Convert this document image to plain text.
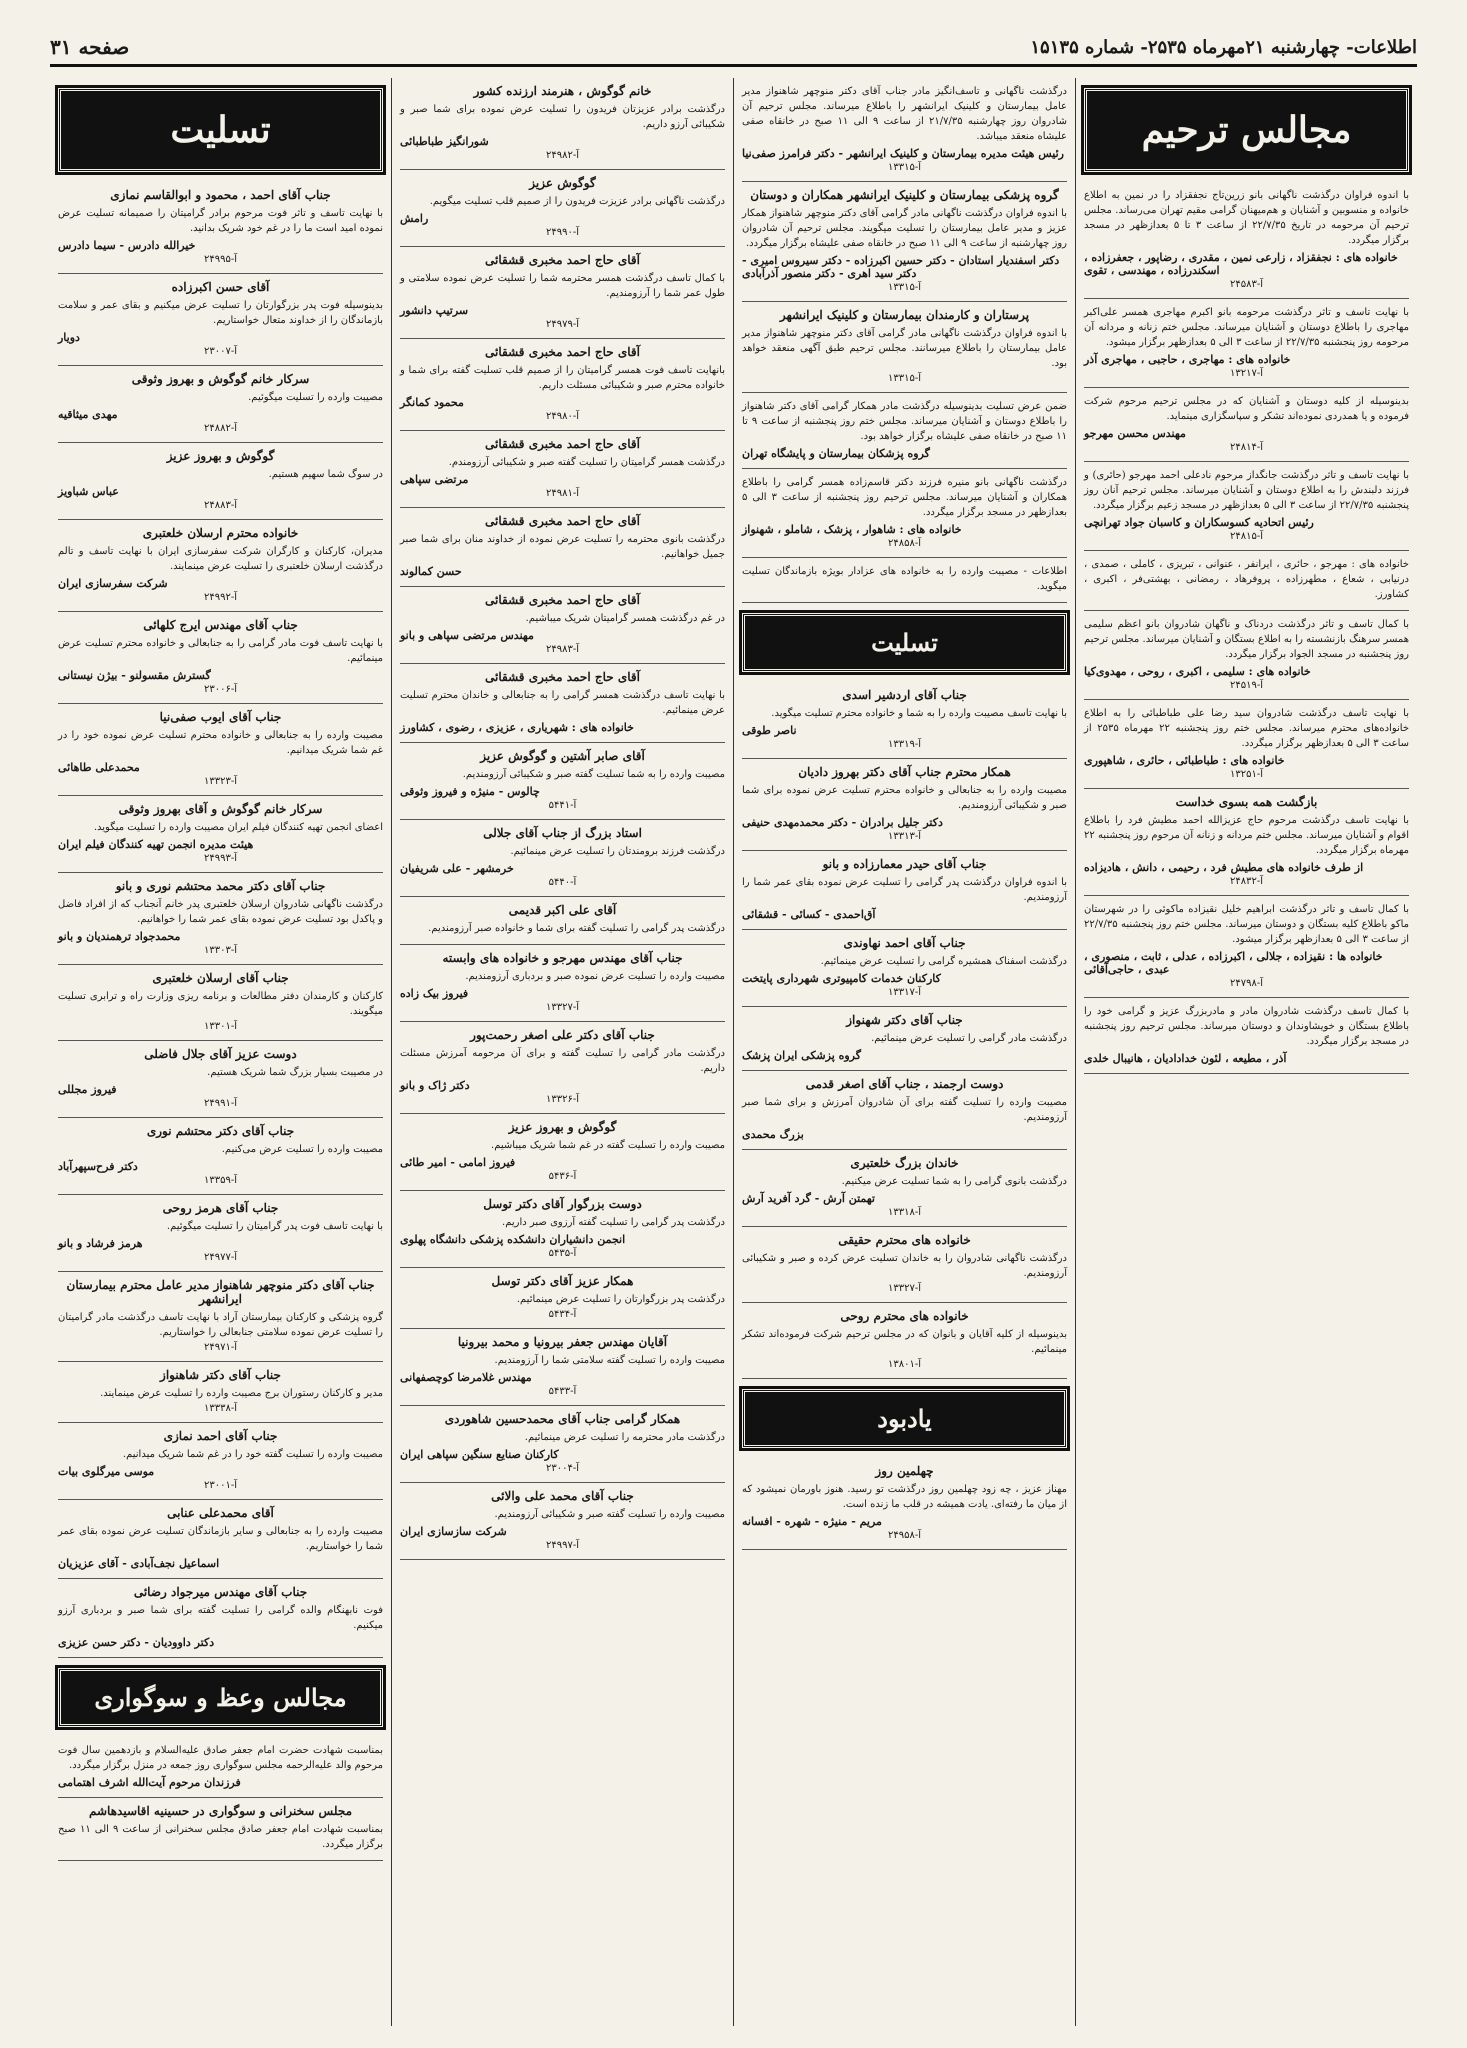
اطلاعات- چهارشنبه ۲۱مهرماه ۲۵۳۵- شماره ۱۵۱۳۵
صفحه ۳۱
مجالس ترحیم

با اندوه فراوان درگذشت ناگهانی بانو زرین‌تاج نجفقزاد را در نمین به اطلاع خانواده و منسوبین و آشنایان و هم‌میهنان گرامی مقیم تهران می‌رساند. مجلس ترحیم آن مرحومه در تاریخ ۲۲/۷/۳۵ از ساعت ۳ تا ۵ بعدازظهر در مسجد برگزار میگردد.

خانواده های : نجفقزاد ، زارعی نمین ، مقدری ، رضاپور ، جعفرزاده ، اسکندرزاده ، مهندسی ، تقوی
آ-۲۴۵۸۳

با نهایت تاسف و تاثر درگذشت مرحومه بانو اکبرم مهاجری همسر علی‌اکبر مهاجری را باطلاع دوستان و آشنایان میرساند. مجلس ختم زنانه و مردانه آن مرحومه روز پنجشنبه ۲۲/۷/۳۵ از ساعت ۳ الی ۵ بعدازظهر برگزار میشود.

خانواده های : مهاجری ، حاجبی ، مهاجری آذر
آ-۱۳۲۱۷

بدینوسیله از کلیه دوستان و آشنایان که در مجلس ترحیم مرحوم شرکت فرموده و یا همدردی نموده‌اند تشکر و سپاسگزاری مینماید.

مهندس محسن مهرجو
آ-۲۴۸۱۴

با نهایت تاسف و تاثر درگذشت جانگداز مرحوم نادعلی احمد مهرجو (حائری) و فرزند دلبندش را به اطلاع دوستان و آشنایان میرساند. مجلس ترحیم آنان روز پنجشنبه ۲۲/۷/۳۵ از ساعت ۳ الی ۵ بعدازظهر در مسجد زعیم برگزار میگردد.

رئیس اتحادیه کسوسکاران و کاسبان جواد تهرانچی
آ-۲۴۸۱۵

خانواده های : مهرجو ، حائری ، ایرانفر ، عنوانی ، تبریزی ، کاملی ، صمدی ، درنیابی ، شعاع ، مطهرزاده ، پروفرهاد ، رمضانی ، بهشتی‌فر ، اکبری ، کشاورز.

با کمال تاسف و تاثر درگذشت دردناک و ناگهان شادروان بانو اعظم سلیمی همسر سرهنگ بازنشسته را به اطلاع بستگان و آشنایان میرساند. مجلس ترحیم روز پنجشنبه در مسجد الجواد برگزار میگردد.

خانواده های : سلیمی ، اکبری ، روحی ، مهدوی‌کیا
آ-۲۴۵۱۹

با نهایت تاسف درگذشت شادروان سید رضا علی طباطبائی را به اطلاع خانواده‌های محترم میرساند. مجلس ختم روز پنجشنبه ۲۲ مهرماه ۲۵۳۵ از ساعت ۳ الی ۵ بعدازظهر برگزار میگردد.

خانواده های : طباطبائی ، حائری ، شاهپوری
آ-۱۳۲۵۱
بازگشت همه بسوی خداست

با نهایت تاسف درگذشت مرحوم حاج عزیزالله احمد مطیش فرد را باطلاع اقوام و آشنایان میرساند. مجلس ختم مردانه و زنانه آن مرحوم روز پنجشنبه ۲۲ مهرماه برگزار میگردد.

از طرف خانواده های مطیش فرد ، رحیمی ، دانش ، هادیزاده
آ-۲۴۸۳۲

با کمال تاسف و تاثر درگذشت ابراهیم خلیل نقیزاده ماکوئی را در شهرستان ماکو باطلاع کلیه بستگان و دوستان میرساند. مجلس ختم روز پنجشنبه ۲۲/۷/۳۵ از ساعت ۳ الی ۵ بعدازظهر برگزار میشود.

خانواده ها : نقیزاده ، جلالی ، اکبرزاده ، عدلی ، ثابت ، منصوری ، عبدی ، حاجی‌آقائی
آ-۲۴۷۹۸

با کمال تاسف درگذشت شادروان مادر و مادربزرگ عزیز و گرامی خود را باطلاع بستگان و خویشاوندان و دوستان میرساند. مجلس ترحیم روز پنجشنبه در مسجد برگزار میگردد.

آذر ، مطیعه ، لئون خدادادیان ، هانیبال خلدی

درگذشت ناگهانی و تاسف‌انگیز مادر جناب آقای دکتر منوچهر شاهنواز مدیر عامل بیمارستان و کلینیک ایرانشهر را باطلاع میرساند. مجلس ترحیم آن شادروان روز چهارشنبه ۲۱/۷/۳۵ از ساعت ۹ الی ۱۱ صبح در خانقاه صفی علیشاه منعقد میباشد.

رئیس هیئت مدیره بیمارستان و کلینیک ایرانشهر - دکتر فرامرز صفی‌نیا
آ-۱۳۳۱۵
گروه پزشکی بیمارستان و کلینیک ایرانشهر همکاران و دوستان

با اندوه فراوان درگذشت ناگهانی مادر گرامی آقای دکتر منوچهر شاهنواز همکار عزیز و مدیر عامل بیمارستان را تسلیت میگویند. مجلس ترحیم آن شادروان روز چهارشنبه از ساعت ۹ الی ۱۱ صبح در خانقاه صفی علیشاه برگزار میگردد.

دکتر اسفندیار استادان - دکتر حسین اکبرزاده - دکتر سیروس امیری - دکتر سید اهری - دکتر منصور آذرآبادی
آ-۱۳۳۱۵
پرستاران و کارمندان بیمارستان و کلینیک ایرانشهر

با اندوه فراوان درگذشت ناگهانی مادر گرامی آقای دکتر منوچهر شاهنواز مدیر عامل بیمارستان را باطلاع میرسانند. مجلس ترحیم طبق آگهی منعقد خواهد بود.

آ-۱۳۳۱۵

ضمن عرض تسلیت بدینوسیله درگذشت مادر همکار گرامی آقای دکتر شاهنواز را باطلاع دوستان و آشنایان میرساند. مجلس ختم روز پنجشنبه از ساعت ۹ تا ۱۱ صبح در خانقاه صفی علیشاه برگزار خواهد بود.

گروه پزشکان بیمارستان و پایشگاه تهران

درگذشت ناگهانی بانو منیره فرزند دکتر قاسم‌زاده همسر گرامی را باطلاع همکاران و آشنایان میرساند. مجلس ترحیم روز پنجشنبه از ساعت ۳ الی ۵ بعدازظهر در مسجد برگزار میگردد.

خانواده های : شاهوار ، پزشک ، شاملو ، شهنواز
آ-۲۴۸۵۸

اطلاعات - مصیبت وارده را به خانواده های عزادار بویژه بازماندگان تسلیت میگوید.

تسلیت
جناب آقای اردشیر اسدی

با نهایت تاسف مصیبت وارده را به شما و خانواده محترم تسلیت میگوید.

ناصر طوقی
آ-۱۳۳۱۹
همکار محترم جناب آقای دکتر بهروز دادیان

مصیبت وارده را به جنابعالی و خانواده محترم تسلیت عرض نموده برای شما صبر و شکیبائی آرزومندیم.

دکتر جلیل برادران - دکتر محمدمهدی حنیفی
آ-۱۳۳۱۳
جناب آقای حیدر معمارزاده و بانو

با اندوه فراوان درگذشت پدر گرامی را تسلیت عرض نموده بقای عمر شما را آرزومندیم.

آق‌احمدی - کسائی - قشقائی
جناب آقای احمد نهاوندی

درگذشت اسفناک همشیره گرامی را تسلیت عرض مینمائیم.

کارکنان خدمات کامپیوتری شهرداری پایتخت
آ-۱۳۳۱۷
جناب آقای دکتر شهنواز

درگذشت مادر گرامی را تسلیت عرض مینمائیم.

گروه پزشکی ایران پزشک
دوست ارجمند ، جناب آقای اصغر قدمی

مصیبت وارده را تسلیت گفته برای آن شادروان آمرزش و برای شما صبر آرزومندیم.

بزرگ محمدی
خاندان بزرگ خلعتبری

درگذشت بانوی گرامی را به شما تسلیت عرض میکنیم.

تهمتن آرش - گرد آفرید آرش
آ-۱۳۳۱۸
خانواده های محترم حقیقی

درگذشت ناگهانی شادروان را به خاندان تسلیت عرض کرده و صبر و شکیبائی آرزومندیم.

آ-۱۳۳۲۷
خانواده های محترم روحی

بدینوسیله از کلیه آقایان و بانوان که در مجلس ترحیم شرکت فرموده‌اند تشکر مینمائیم.

آ-۱۳۸۰۱
یادبود
چهلمین روز

مهناز عزیز ، چه زود چهلمین روز درگذشت تو رسید. هنوز باورمان نمیشود که از میان ما رفته‌ای. یادت همیشه در قلب ما زنده است.

مریم - منیژه - شهره - افسانه
آ-۲۴۹۵۸
خانم گوگوش ، هنرمند ارزنده کشور

درگذشت برادر عزیزتان فریدون را تسلیت عرض نموده برای شما صبر و شکیبائی آرزو داریم.

شورانگیز طباطبائی
آ-۲۴۹۸۲
گوگوش عزیز

درگذشت ناگهانی برادر عزیزت فریدون را از صمیم قلب تسلیت میگویم.

رامش
آ-۲۴۹۹۰
آقای حاج احمد مخبری قشقائی

با کمال تاسف درگذشت همسر محترمه شما را تسلیت عرض نموده سلامتی و طول عمر شما را آرزومندیم.

سرتیپ دانشور
آ-۲۴۹۷۹
آقای حاج احمد مخبری قشقائی

بانهایت تاسف فوت همسر گرامیتان را از صمیم قلب تسلیت گفته برای شما و خانواده محترم صبر و شکیبائی مسئلت داریم.

محمود کمانگر
آ-۲۴۹۸۰
آقای حاج احمد مخبری قشقائی

درگذشت همسر گرامیتان را تسلیت گفته صبر و شکیبائی آرزومندم.

مرتضی سپاهی
آ-۲۴۹۸۱
آقای حاج احمد مخبری قشقائی

درگذشت بانوی محترمه را تسلیت عرض نموده از خداوند منان برای شما صبر جمیل خواهانیم.

حسن کمالوند
آقای حاج احمد مخبری قشقائی

در غم درگذشت همسر گرامیتان شریک میباشیم.

مهندس مرتضی سپاهی و بانو
آ-۲۴۹۸۳
آقای حاج احمد مخبری قشقائی

با نهایت تاسف درگذشت همسر گرامی را به جنابعالی و خاندان محترم تسلیت عرض مینمائیم.

خانواده های : شهریاری ، عزیزی ، رضوی ، کشاورز
آقای صابر آشتین و گوگوش عزیز

مصیبت وارده را به شما تسلیت گفته صبر و شکیبائی آرزومندیم.

چالوس - منیژه و فیروز وثوقی
آ-۵۴۴۱
استاد بزرگ از جناب آقای جلالی

درگذشت فرزند برومندتان را تسلیت عرض مینمائیم.

خرمشهر - علی شریفیان
آ-۵۴۴۰
آقای علی اکبر قدیمی

درگذشت پدر گرامی را تسلیت گفته برای شما و خانواده صبر آرزومندیم.

جناب آقای مهندس مهرجو و خانواده های وابسته

مصیبت وارده را تسلیت عرض نموده صبر و بردباری آرزومندیم.

فیروز بیک زاده
آ-۱۳۳۲۷
جناب آقای دکتر علی اصغر رحمت‌پور

درگذشت مادر گرامی را تسلیت گفته و برای آن مرحومه آمرزش مسئلت داریم.

دکتر ژاک و بانو
آ-۱۳۳۲۶
گوگوش و بهروز عزیز

مصیبت وارده را تسلیت گفته در غم شما شریک میباشیم.

فیروز امامی - امیر طائی
آ-۵۴۳۶
دوست بزرگوار آقای دکتر توسل

درگذشت پدر گرامی را تسلیت گفته آرزوی صبر داریم.

انجمن دانشیاران دانشکده پزشکی دانشگاه پهلوی
آ-۵۴۳۵
همکار عزیز آقای دکتر توسل

درگذشت پدر بزرگوارتان را تسلیت عرض مینمائیم.

آ-۵۴۳۴
آقایان مهندس جعفر بیرونیا و محمد بیرونیا

مصیبت وارده را تسلیت گفته سلامتی شما را آرزومندیم.

مهندس غلامرضا کوچصفهانی
آ-۵۴۳۳
همکار گرامی جناب آقای محمدحسین شاهوردی

درگذشت مادر محترمه را تسلیت عرض مینمائیم.

کارکنان صنایع سنگین سپاهی ایران
آ-۲۳۰۰۴
جناب آقای محمد علی والائی

مصیبت وارده را تسلیت گفته صبر و شکیبائی آرزومندیم.

شرکت سازسازی ایران
آ-۲۴۹۹۷
تسلیت
جناب آقای احمد ، محمود و ابوالقاسم نمازی

با نهایت تاسف و تاثر فوت مرحوم برادر گرامیتان را صمیمانه تسلیت عرض نموده امید است ما را در غم خود شریک بدانید.

خیرالله دادرس - سیما دادرس
آ-۲۴۹۹۵
آقای حسن اکبرزاده

بدینوسیله فوت پدر بزرگوارتان را تسلیت عرض میکنیم و بقای عمر و سلامت بازماندگان را از خداوند متعال خواستاریم.

دویار
آ-۲۳۰۰۷
سرکار خانم گوگوش و بهروز وثوقی

مصیبت وارده را تسلیت میگوئیم.

مهدی میثاقیه
آ-۲۴۸۸۲
گوگوش و بهروز عزیز

در سوگ شما سهیم هستیم.

عباس شباویز
آ-۲۴۸۸۳
خانواده محترم ارسلان خلعتبری

مدیران، کارکنان و کارگران شرکت سفرسازی ایران با نهایت تاسف و تالم درگذشت ارسلان خلعتبری را تسلیت عرض مینمایند.

شرکت سفرسازی ایران
آ-۲۴۹۹۲
جناب آقای مهندس ایرج کلهائی

با نهایت تاسف فوت مادر گرامی را به جنابعالی و خانواده محترم تسلیت عرض مینمائیم.

گسترش مقسولنو - بیژن نیستانی
آ-۲۳۰۰۶
جناب آقای ایوب صفی‌نیا

مصیبت وارده را به جنابعالی و خانواده محترم تسلیت عرض نموده خود را در غم شما شریک میدانیم.

محمدعلی طاهائی
آ-۱۳۳۲۳
سرکار خانم گوگوش و آقای بهروز وثوقی

اعضای انجمن تهیه کنندگان فیلم ایران مصیبت وارده را تسلیت میگوید.

هیئت مدیره انجمن تهیه کنندگان فیلم ایران
آ-۲۴۹۹۳
جناب آقای دکتر محمد محتشم نوری و بانو

درگذشت ناگهانی شادروان ارسلان خلعتبری پدر خانم آنجناب که از افراد فاضل و پاکدل بود تسلیت عرض نموده بقای عمر شما را خواهانیم.

محمدجواد ترهمندیان و بانو
آ-۱۳۳۰۳
جناب آقای ارسلان خلعتبری

کارکنان و کارمندان دفتر مطالعات و برنامه ریزی وزارت راه و ترابری تسلیت میگویند.

آ-۱۳۳۰۱
دوست عزیز آقای جلال فاضلی

در مصیبت بسیار بزرگ شما شریک هستیم.

فیروز مجللی
آ-۲۴۹۹۱
جناب آقای دکتر محتشم نوری

مصیبت وارده را تسلیت عرض می‌کنیم.

دکتر فرح‌سپهرآباد
آ-۱۳۳۵۹
جناب آقای هرمز روحی

با نهایت تاسف فوت پدر گرامیتان را تسلیت میگوئیم.

هرمز فرشاد و بانو
آ-۲۴۹۷۷
جناب آقای دکتر منوچهر شاهنواز مدیر عامل محترم بیمارستان ایرانشهر

گروه پزشکی و کارکنان بیمارستان آراد با نهایت تاسف درگذشت مادر گرامیتان را تسلیت عرض نموده سلامتی جنابعالی را خواستاریم.

آ-۲۴۹۷۱
جناب آقای دکتر شاهنواز

مدیر و کارکنان رستوران برج مصیبت وارده را تسلیت عرض مینمایند.

آ-۱۳۳۳۸
جناب آقای احمد نمازی

مصیبت وارده را تسلیت گفته خود را در غم شما شریک میدانیم.

موسی میرگلوی بیات
آ-۲۳۰۰۱
آقای محمدعلی عنابی

مصیبت وارده را به جنابعالی و سایر بازماندگان تسلیت عرض نموده بقای عمر شما را خواستاریم.

اسماعیل نجف‌آبادی - آقای عزیزیان
جناب آقای مهندس میرجواد رضائی

فوت نابهنگام والده گرامی را تسلیت گفته برای شما صبر و بردباری آرزو میکنیم.

دکتر داوودیان - دکتر حسن عزیزی
مجالس وعظ و سوگواری

بمناسبت شهادت حضرت امام جعفر صادق علیه‌السلام و بازدهمین سال فوت مرحوم والد علیه‌الرحمه مجلس سوگواری روز جمعه در منزل برگزار میگردد.

فرزندان مرحوم آیت‌الله اشرف اهتمامی
مجلس سخنرانی و سوگواری در حسینیه اقاسیدهاشم

بمناسبت شهادت امام جعفر صادق مجلس سخنرانی از ساعت ۹ الی ۱۱ صبح برگزار میگردد.
